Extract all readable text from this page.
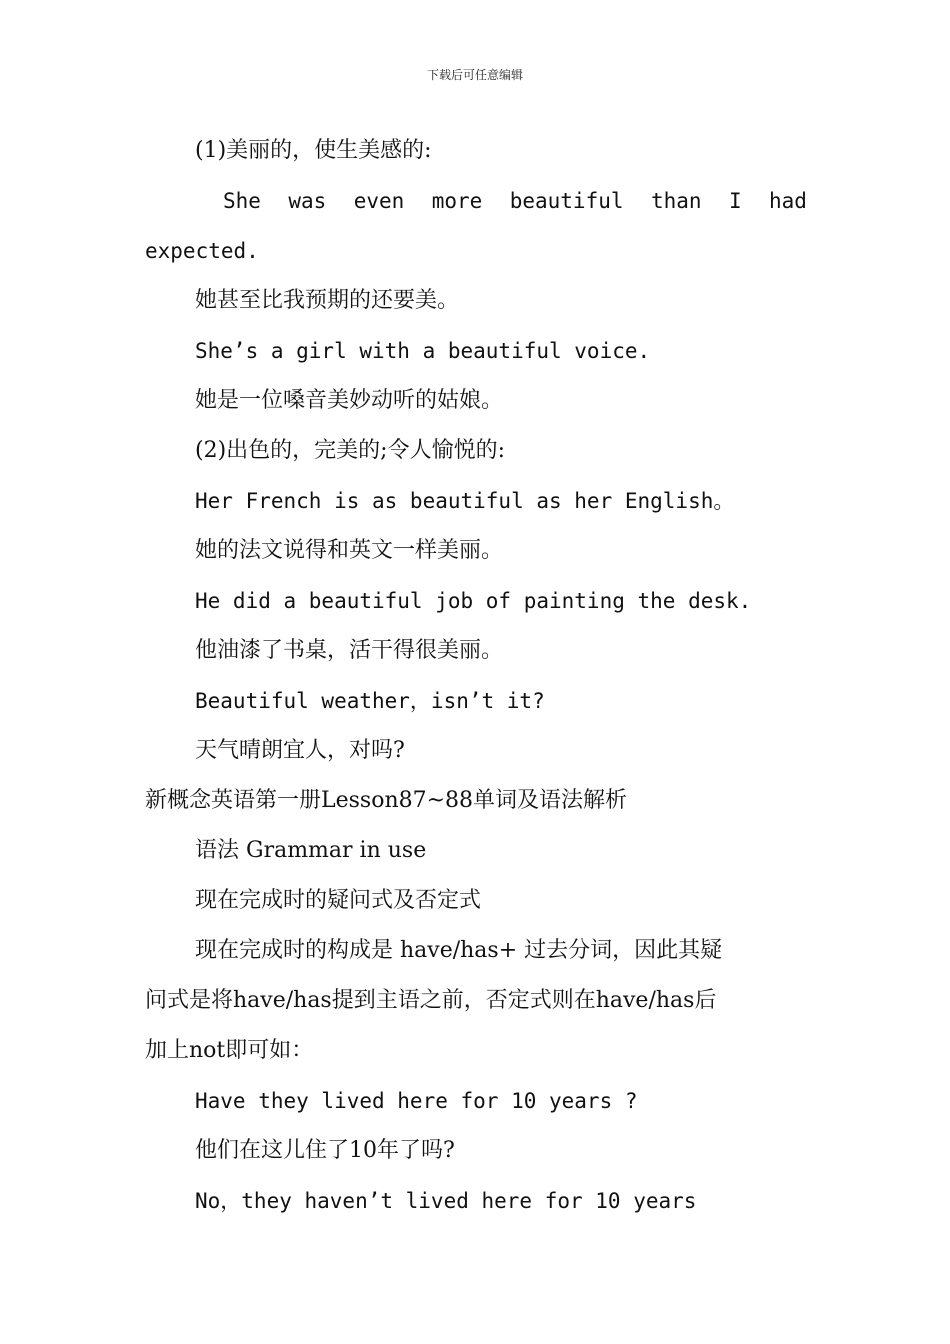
下载后可任意编辑
(1)美丽的，使生美感的:
She was even more beautiful than I had
expected.
她甚至比我预期的还要美。
She’s a girl with a beautiful voice.
她是一位嗓音美妙动听的姑娘。
(2)出色的，完美的;令人愉悦的:
Her French is as beautiful as her English。
她的法文说得和英文一样美丽。
He did a beautiful job of painting the desk.
他油漆了书桌，活干得很美丽。
Beautiful weather，isn’t it?
天气晴朗宜人，对吗?
新概念英语第一册Lesson87~88单词及语法解析
语法 Grammar in use
现在完成时的疑问式及否定式
现在完成时的构成是 have/has+ 过去分词，因此其疑
问式是将have/has提到主语之前，否定式则在have/has后
加上not即可如：
Have they lived here for 10 years ?
他们在这儿住了10年了吗?
No，they haven’t lived here for 10 years
